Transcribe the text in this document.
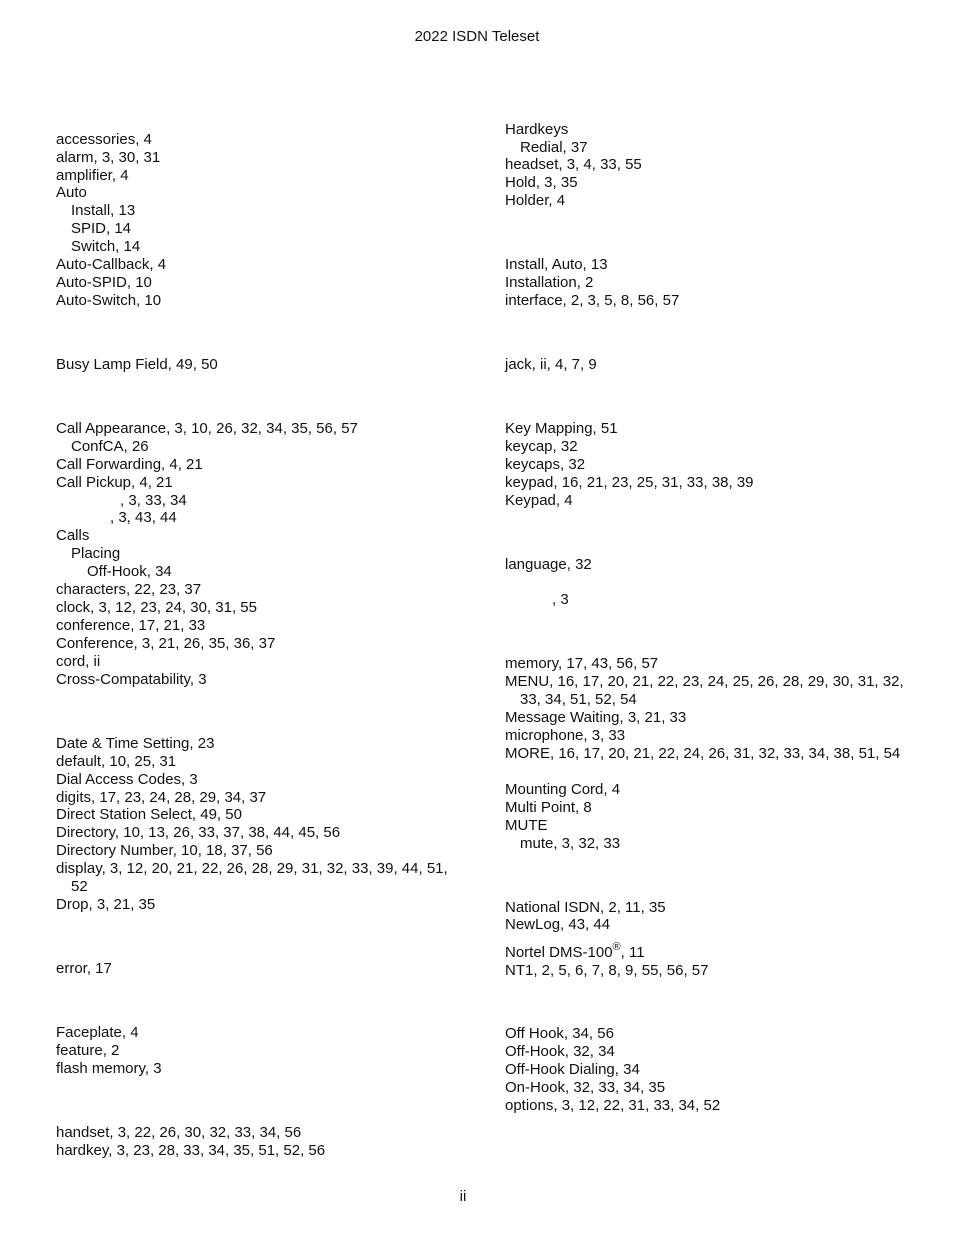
2022 ISDN Teleset
accessories, 4
alarm, 3, 30, 31
amplifier, 4
Auto
Install, 13
SPID, 14
Switch, 14
Auto-Callback, 4
Auto-SPID, 10
Auto-Switch, 10
Busy Lamp Field, 49, 50
Call Appearance, 3, 10, 26, 32, 34, 35, 56, 57
ConfCA, 26
Call Forwarding, 4, 21
Call Pickup, 4, 21
, 3, 33, 34
, 3, 43, 44
Calls
Placing
Off-Hook, 34
characters, 22, 23, 37
clock, 3, 12, 23, 24, 30, 31, 55
conference, 17, 21, 33
Conference, 3, 21, 26, 35, 36, 37
cord, ii
Cross-Compatability, 3
Date & Time Setting, 23
default, 10, 25, 31
Dial Access Codes, 3
digits, 17, 23, 24, 28, 29, 34, 37
Direct Station Select, 49, 50
Directory, 10, 13, 26, 33, 37, 38, 44, 45, 56
Directory Number, 10, 18, 37, 56
display, 3, 12, 20, 21, 22, 26, 28, 29, 31, 32, 33, 39, 44, 51, 52
Drop, 3, 21, 35
error, 17
Faceplate, 4
feature, 2
flash memory, 3
handset, 3, 22, 26, 30, 32, 33, 34, 56
hardkey, 3, 23, 28, 33, 34, 35, 51, 52, 56
Hardkeys
Redial, 37
headset, 3, 4, 33, 55
Hold, 3, 35
Holder, 4
Install, Auto, 13
Installation, 2
interface, 2, 3, 5, 8, 56, 57
jack, ii, 4, 7, 9
Key Mapping, 51
keycap, 32
keycaps, 32
keypad, 16, 21, 23, 25, 31, 33, 38, 39
Keypad, 4
language, 32
, 3
memory, 17, 43, 56, 57
MENU, 16, 17, 20, 21, 22, 23, 24, 25, 26, 28, 29, 30, 31, 32, 33, 34, 51, 52, 54
Message Waiting, 3, 21, 33
microphone, 3, 33
MORE, 16, 17, 20, 21, 22, 24, 26, 31, 32, 33, 34, 38, 51, 54
Mounting Cord, 4
Multi Point, 8
MUTE
mute, 3, 32, 33
National ISDN, 2, 11, 35
NewLog, 43, 44
Nortel DMS-100®, 11
NT1, 2, 5, 6, 7, 8, 9, 55, 56, 57
Off Hook, 34, 56
Off-Hook, 32, 34
Off-Hook Dialing, 34
On-Hook, 32, 33, 34, 35
options, 3, 12, 22, 31, 33, 34, 52
ii
